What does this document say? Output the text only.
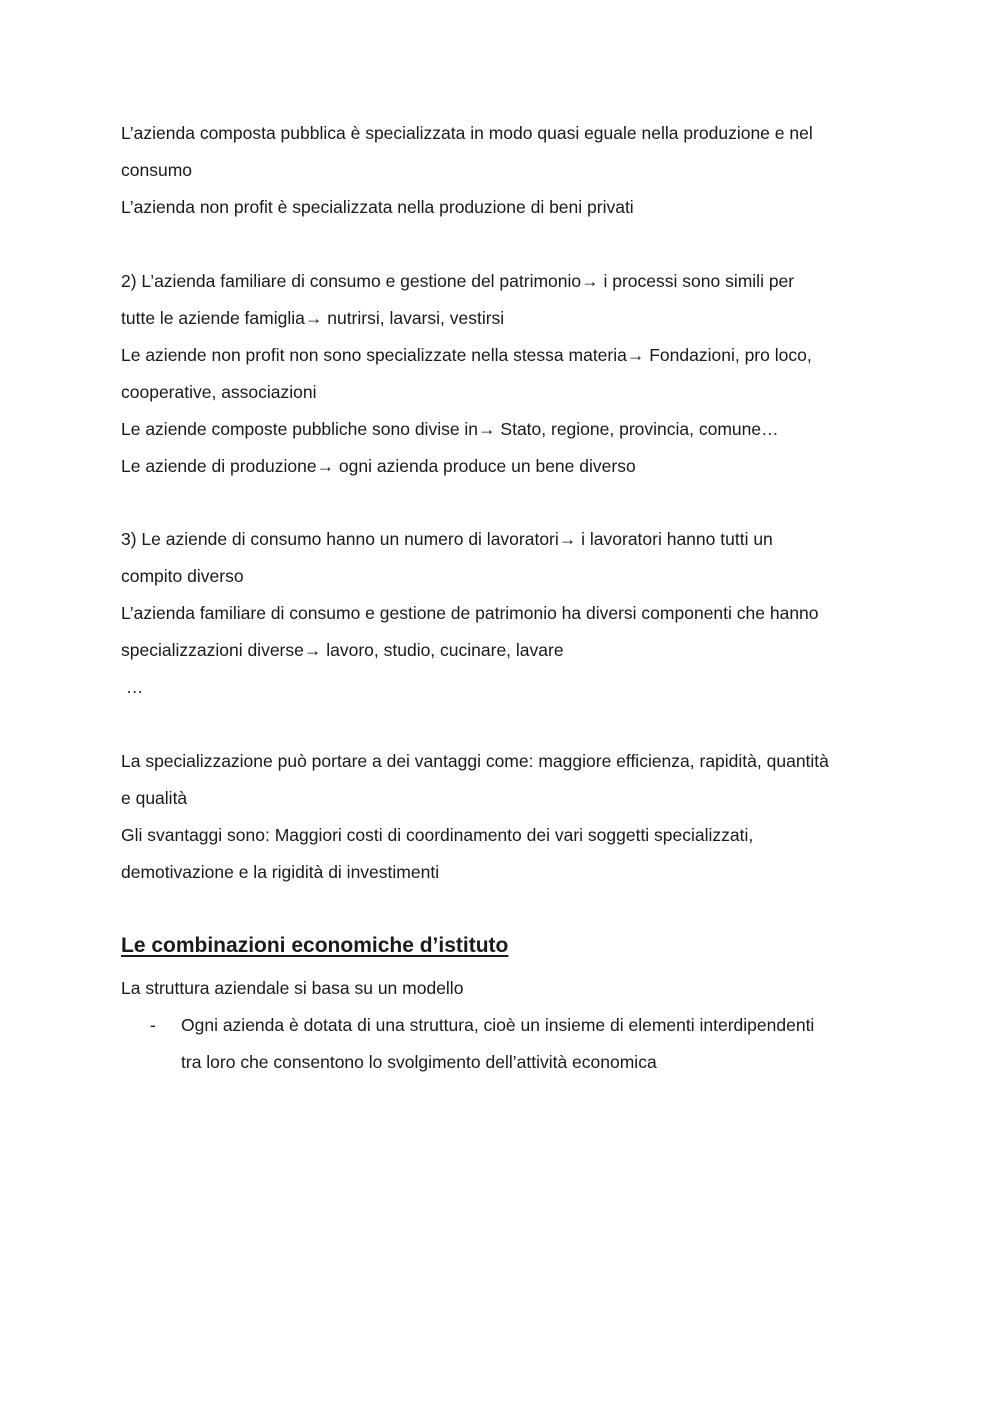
L’azienda composta pubblica è specializzata in modo quasi eguale nella produzione e nel
consumo
L’azienda non profit è specializzata nella produzione di beni privati
2) L’azienda familiare di consumo e gestione del patrimonio→ i processi sono simili per
tutte le aziende famiglia→ nutrirsi, lavarsi, vestirsi
Le aziende non profit non sono specializzate nella stessa materia→ Fondazioni, pro loco,
cooperative, associazioni
Le aziende composte pubbliche sono divise in→ Stato, regione, provincia, comune…
Le aziende di produzione→ ogni azienda produce un bene diverso
3) Le aziende di consumo hanno un numero di lavoratori→ i lavoratori hanno tutti un
compito diverso
L’azienda familiare di consumo e gestione de patrimonio ha diversi componenti che hanno
specializzazioni diverse→ lavoro, studio, cucinare, lavare
…
La specializzazione può portare a dei vantaggi come: maggiore efficienza, rapidità, quantità
e qualità
Gli svantaggi sono: Maggiori costi di coordinamento dei vari soggetti specializzati,
demotivazione e la rigidità di investimenti
Le combinazioni economiche d’istituto
La struttura aziendale si basa su un modello
- Ogni azienda è dotata di una struttura, cioè un insieme di elementi interdipendenti
tra loro che consentono lo svolgimento dell’attività economica
